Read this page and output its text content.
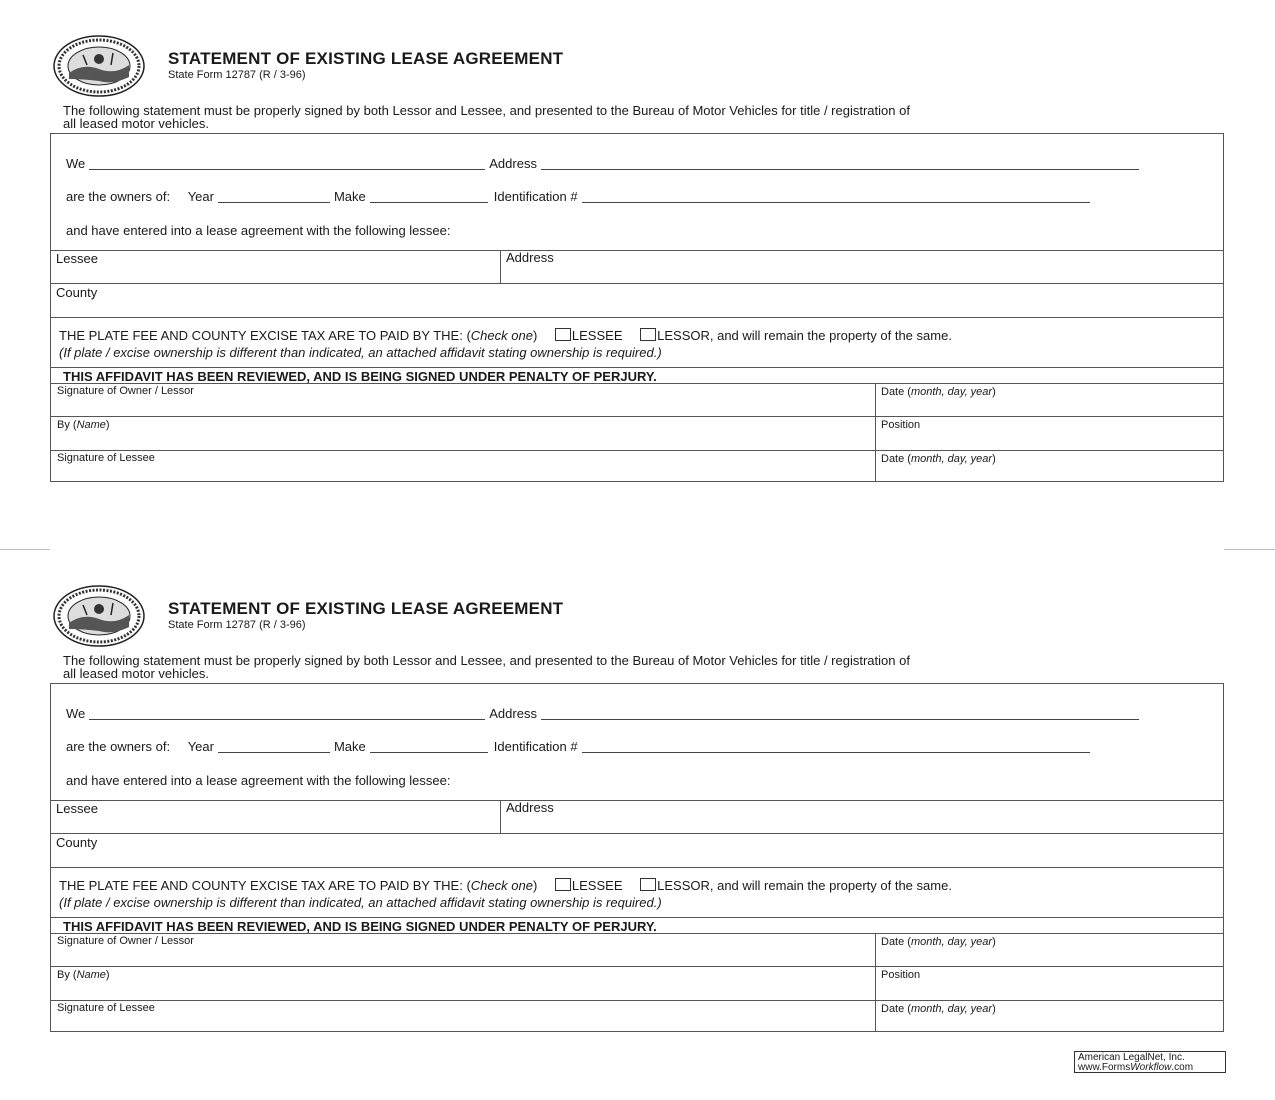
STATEMENT OF EXISTING LEASE AGREEMENT
State Form 12787 (R / 3-96)
The following statement must be properly signed by both Lessor and Lessee, and presented to the Bureau of Motor Vehicles for title / registration of
all leased motor vehicles.
We	Address
are the owners of: Year	Make	Identification #
and have entered into a lease agreement with the following lessee:
Lessee	Address
County
THE PLATE FEE AND COUNTY EXCISE TAX ARE TO PAID BY THE: (Check one)	LESSEE	LESSOR, and will remain the property of the same.
(If plate / excise ownership is different than indicated, an attached affidavit stating ownership is required.)
THIS AFFIDAVIT HAS BEEN REVIEWED, AND IS BEING SIGNED UNDER PENALTY OF PERJURY.
Signature of Owner / Lessor	Date (month, day, year)
By (Name)	Position
Signature of Lessee	Date (month, day, year)
STATEMENT OF EXISTING LEASE AGREEMENT
State Form 12787 (R / 3-96)
The following statement must be properly signed by both Lessor and Lessee, and presented to the Bureau of Motor Vehicles for title / registration of
all leased motor vehicles.
We	Address
are the owners of: Year	Make	Identification #
and have entered into a lease agreement with the following lessee:
Lessee	Address
County
THE PLATE FEE AND COUNTY EXCISE TAX ARE TO PAID BY THE: (Check one)	LESSEE	LESSOR, and will remain the property of the same.
(If plate / excise ownership is different than indicated, an attached affidavit stating ownership is required.)
THIS AFFIDAVIT HAS BEEN REVIEWED, AND IS BEING SIGNED UNDER PENALTY OF PERJURY.
Signature of Owner / Lessor	Date (month, day, year)
By (Name)	Position
Signature of Lessee	Date (month, day, year)
American LegalNet, Inc.
www.FormsWorkflow.com
